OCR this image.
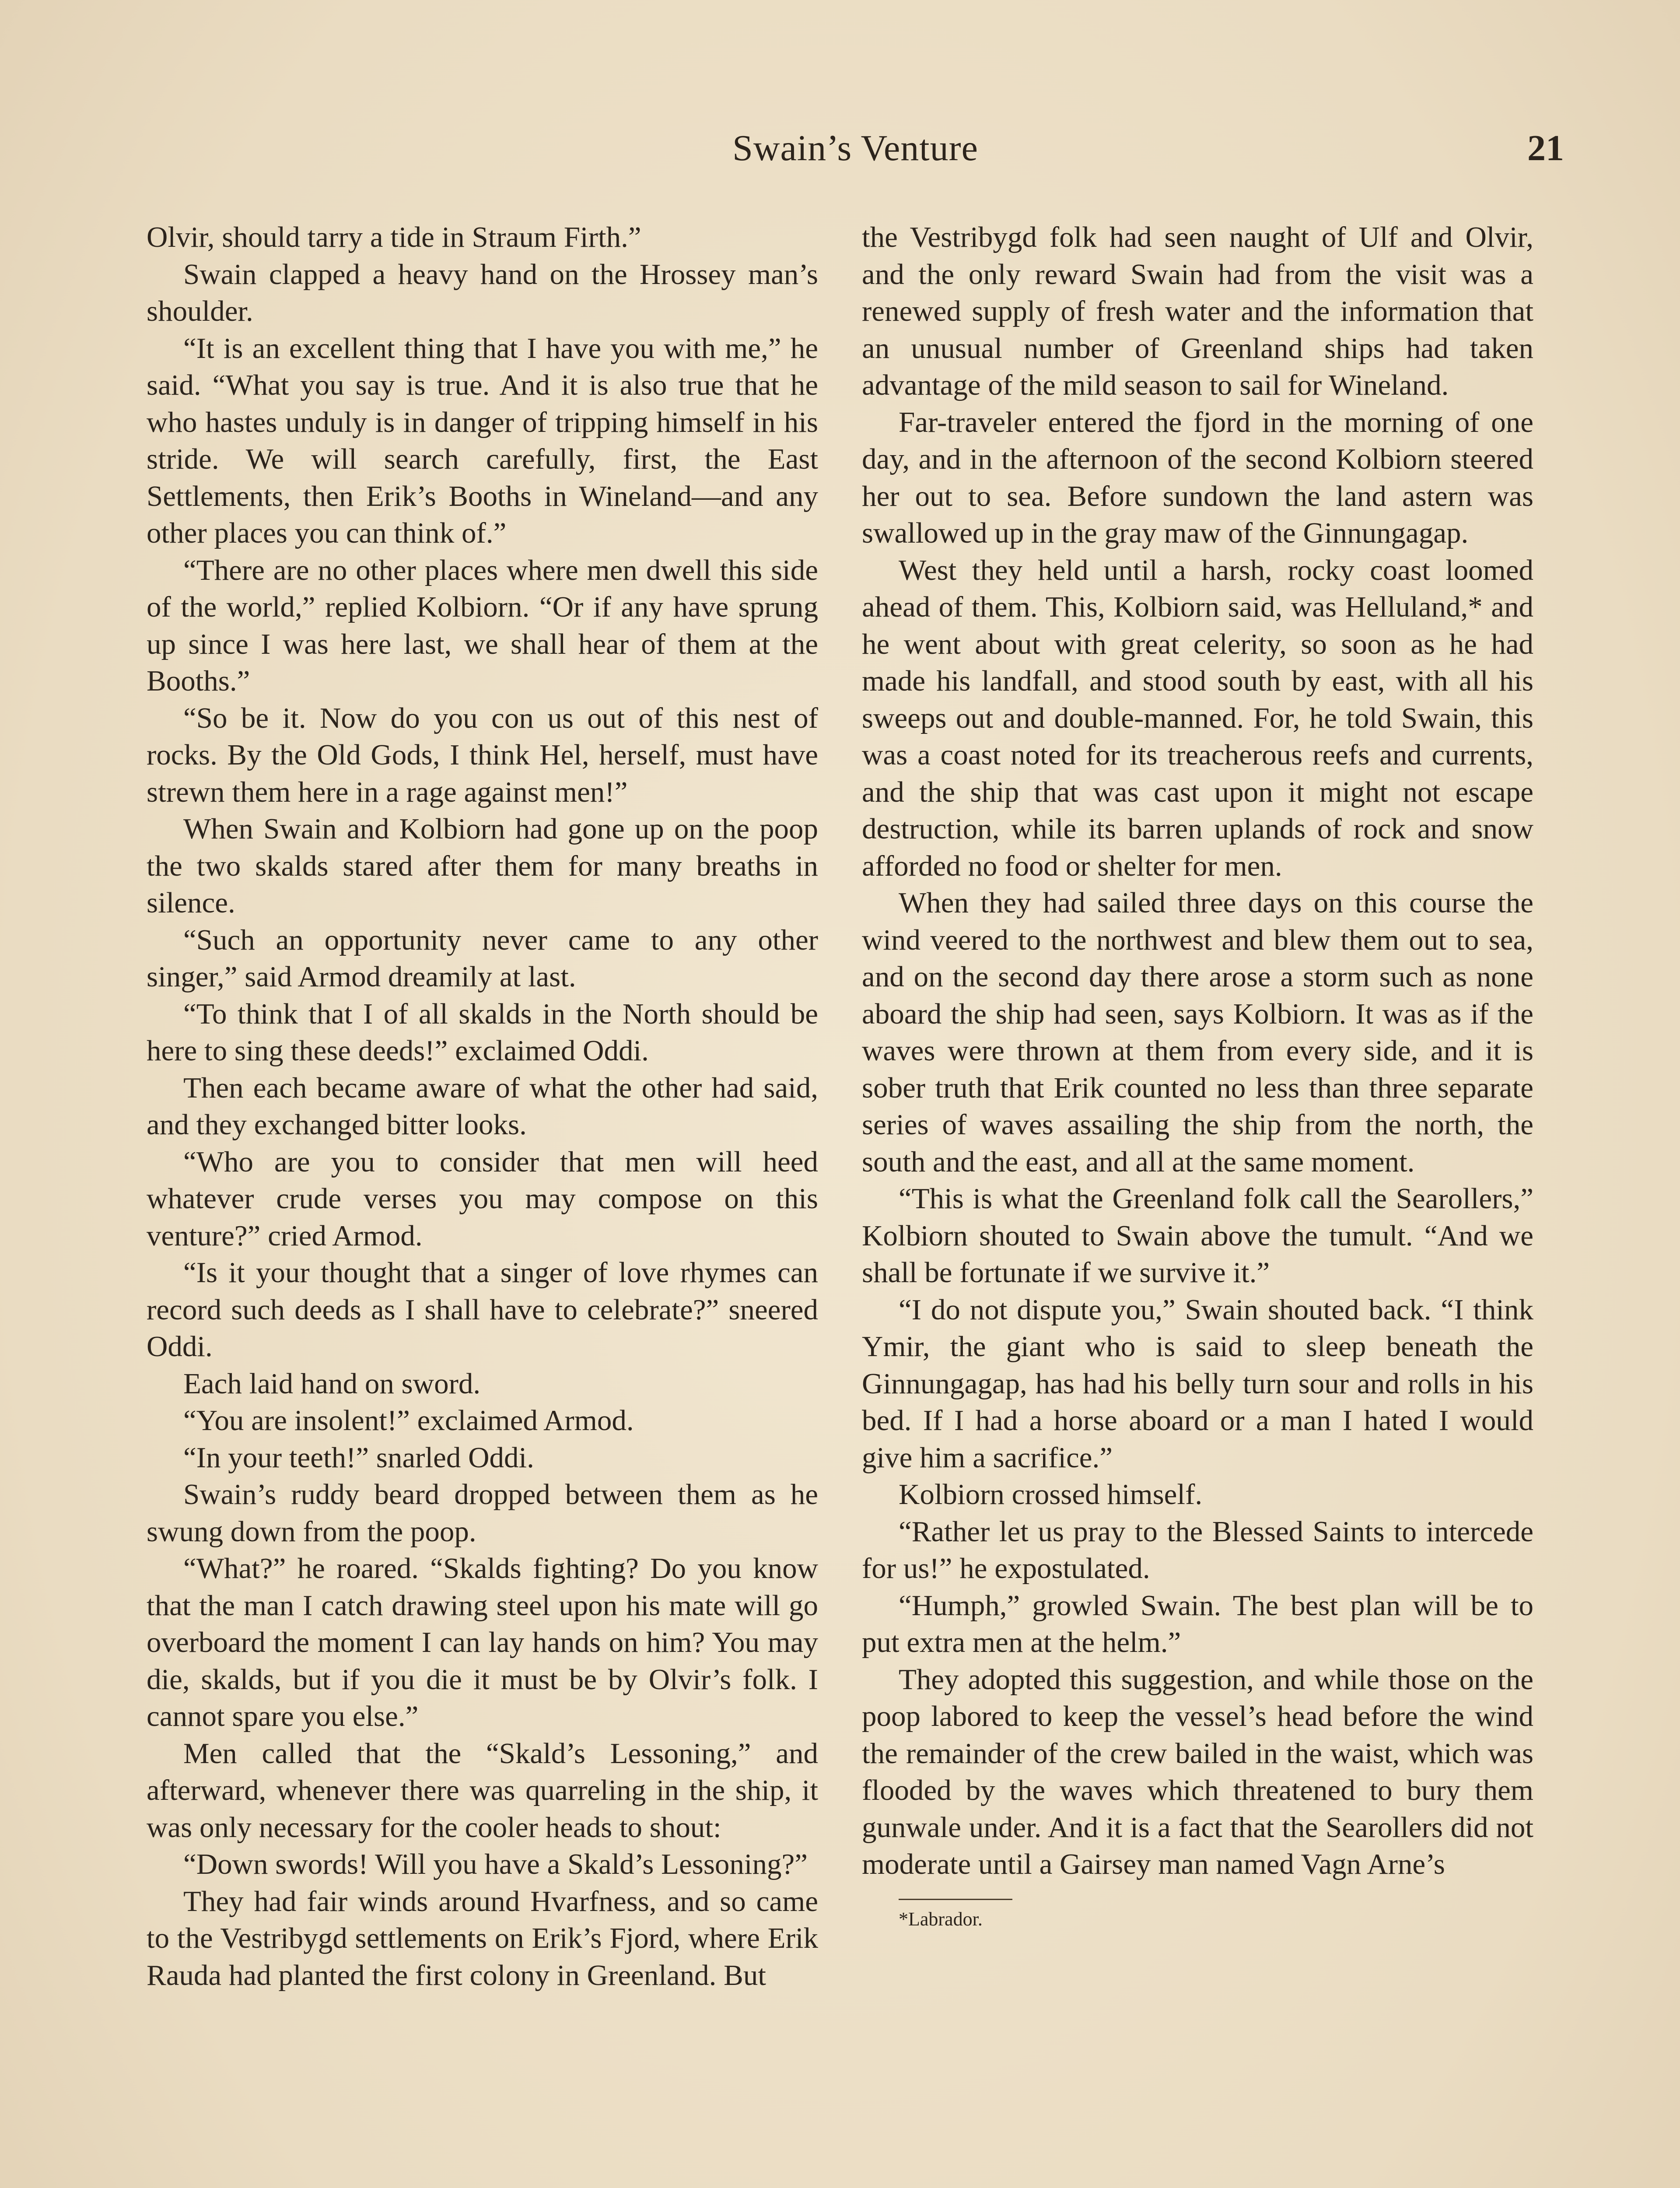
Swain’s Venture	21

Olvir, should tarry a tide in Straum Firth.”

Swain clapped a heavy hand on the Hrossey man’s shoulder.

“It is an excellent thing that I have you with me,” he said. “What you say is true. And it is also true that he who hastes unduly is in danger of tripping himself in his stride. We will search carefully, first, the East Settlements, then Erik’s Booths in Wineland—and any other places you can think of.”

“There are no other places where men dwell this side of the world,” replied Kolbiorn. “Or if any have sprung up since I was here last, we shall hear of them at the Booths.”

“So be it. Now do you con us out of this nest of rocks. By the Old Gods, I think Hel, herself, must have strewn them here in a rage against men!”

When Swain and Kolbiorn had gone up on the poop the two skalds stared after them for many breaths in silence.

“Such an opportunity never came to any other singer,” said Armod dreamily at last.

“To think that I of all skalds in the North should be here to sing these deeds!” exclaimed Oddi.

Then each became aware of what the other had said, and they exchanged bitter looks.

“Who are you to consider that men will heed whatever crude verses you may compose on this venture?” cried Armod.

“Is it your thought that a singer of love rhymes can record such deeds as I shall have to celebrate?” sneered Oddi.

Each laid hand on sword.

“You are insolent!” exclaimed Armod.

“In your teeth!” snarled Oddi.

Swain’s ruddy beard dropped between them as he swung down from the poop.

“What?” he roared. “Skalds fighting? Do you know that the man I catch drawing steel upon his mate will go overboard the moment I can lay hands on him? You may die, skalds, but if you die it must be by Olvir’s folk. I cannot spare you else.”

Men called that the “Skald’s Lessoning,” and afterward, whenever there was quarreling in the ship, it was only necessary for the cooler heads to shout:

“Down swords! Will you have a Skald’s Lessoning?”

They had fair winds around Hvarfness, and so came to the Vestribygd settlements on Erik’s Fjord, where Erik Rauda had planted the first colony in Greenland. But

the Vestribygd folk had seen naught of Ulf and Olvir, and the only reward Swain had from the visit was a renewed supply of fresh water and the information that an unusual number of Greenland ships had taken advantage of the mild season to sail for Wineland.

Far-traveler entered the fjord in the morning of one day, and in the afternoon of the second Kolbiorn steered her out to sea. Before sundown the land astern was swallowed up in the gray maw of the Ginnungagap.

West they held until a harsh, rocky coast loomed ahead of them. This, Kolbiorn said, was Helluland,* and he went about with great celerity, so soon as he had made his landfall, and stood south by east, with all his sweeps out and double-manned. For, he told Swain, this was a coast noted for its treacherous reefs and currents, and the ship that was cast upon it might not escape destruction, while its barren uplands of rock and snow afforded no food or shelter for men.

When they had sailed three days on this course the wind veered to the northwest and blew them out to sea, and on the second day there arose a storm such as none aboard the ship had seen, says Kolbiorn. It was as if the waves were thrown at them from every side, and it is sober truth that Erik counted no less than three separate series of waves assailing the ship from the north, the south and the east, and all at the same moment.

“This is what the Greenland folk call the Searollers,” Kolbiorn shouted to Swain above the tumult. “And we shall be fortunate if we survive it.”

“I do not dispute you,” Swain shouted back. “I think Ymir, the giant who is said to sleep beneath the Ginnungagap, has had his belly turn sour and rolls in his bed. If I had a horse aboard or a man I hated I would give him a sacrifice.”

Kolbiorn crossed himself.

“Rather let us pray to the Blessed Saints to intercede for us!” he expostulated.

“Humph,” growled Swain. The best plan will be to put extra men at the helm.”

They adopted this suggestion, and while those on the poop labored to keep the vessel’s head before the wind the remainder of the crew bailed in the waist, which was flooded by the waves which threatened to bury them gunwale under. And it is a fact that the Searollers did not moderate until a Gairsey man named Vagn Arne’s

*Labrador.
